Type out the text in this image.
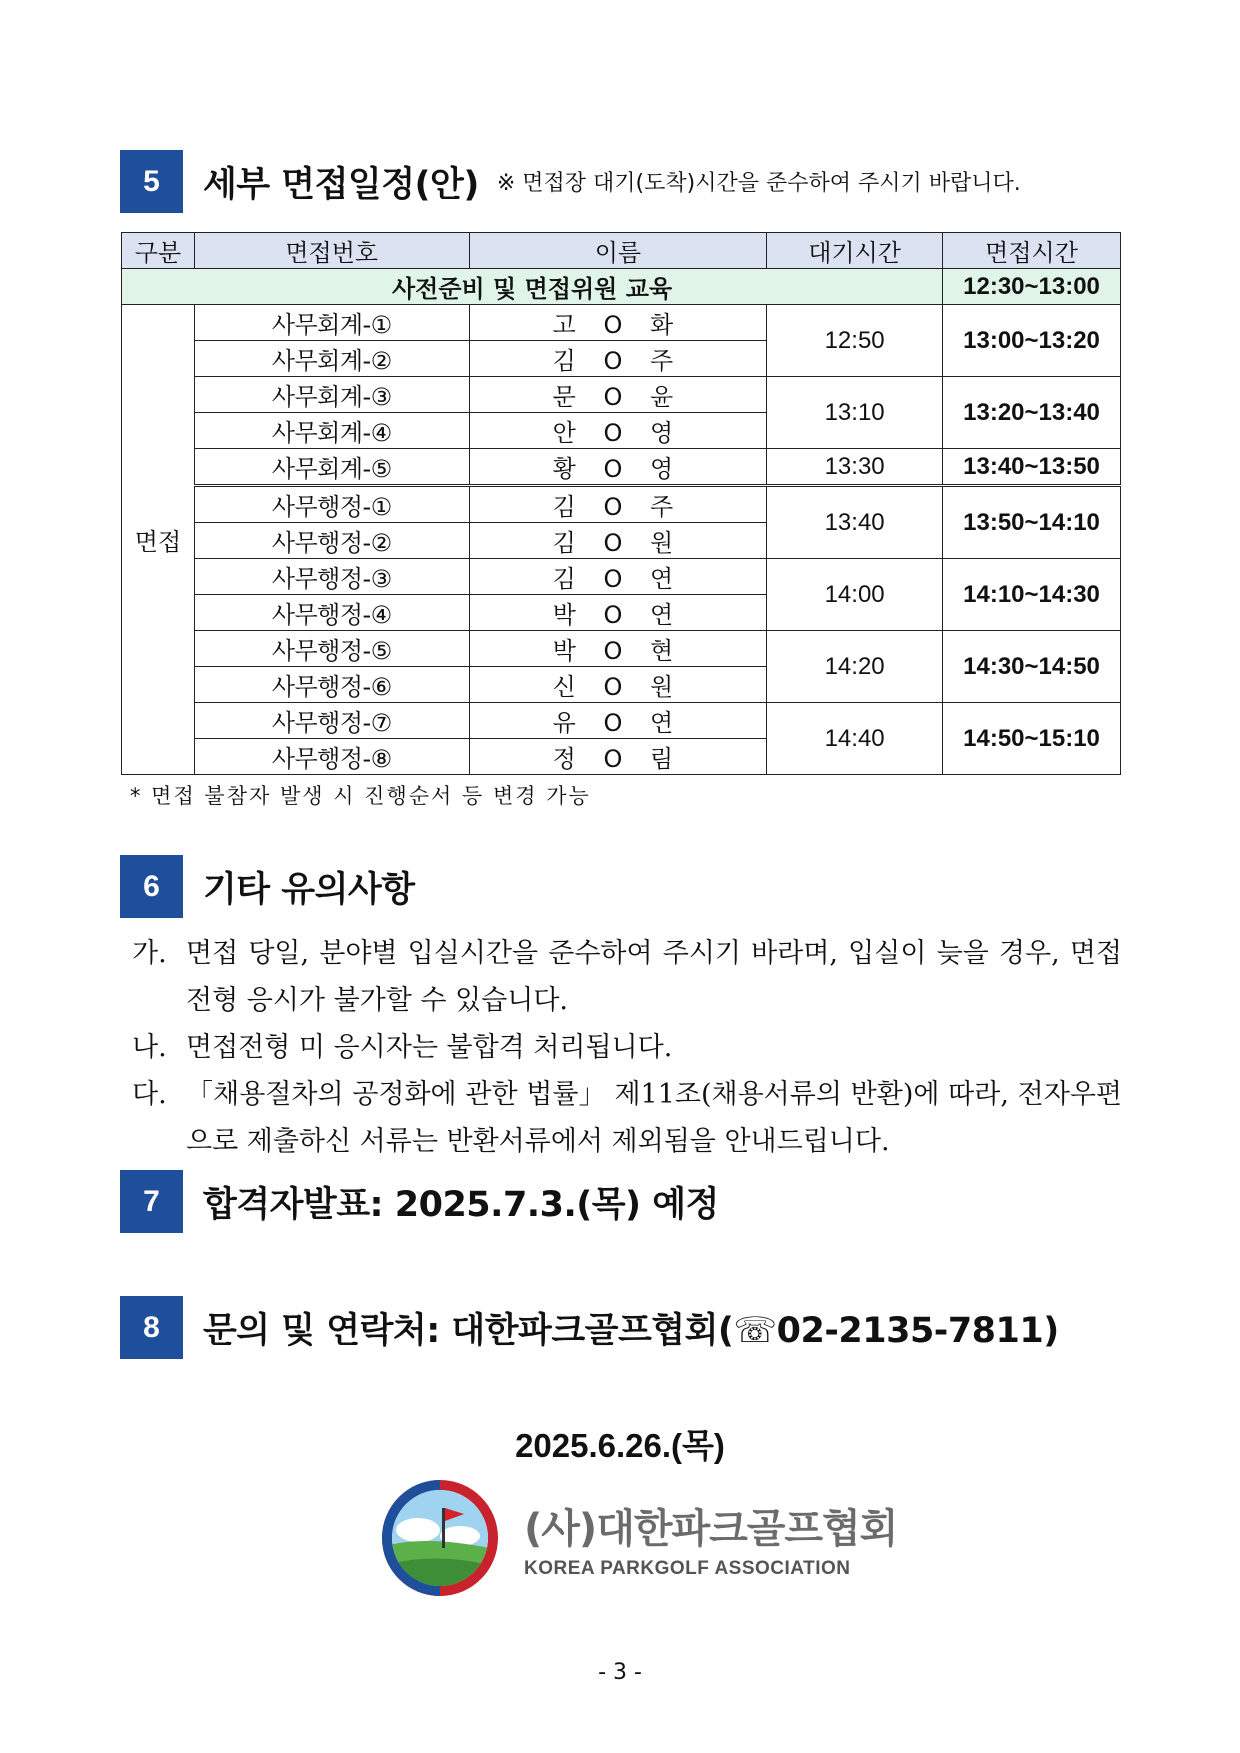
5	세부 면접일정(안) ※ 면접장 대기(도착)시간을 준수하여 주시기 바랍니다.
구분	면접번호	이름	대기시간	면접시간
사전준비 및 면접위원 교육				12:30~13:00
면접	사무회계-①	고 O 화	12:50	13:00~13:20
	사무회계-②	김 O 주		
	사무회계-③	문 O 윤	13:10	13:20~13:40
	사무회계-④	안 O 영		
	사무회계-⑤	황 O 영	13:30	13:40~13:50
	사무행정-①	김 O 주	13:40	13:50~14:10
	사무행정-②	김 O 원		
	사무행정-③	김 O 연	14:00	14:10~14:30
	사무행정-④	박 O 연		
	사무행정-⑤	박 O 현	14:20	14:30~14:50
	사무행정-⑥	신 O 원		
	사무행정-⑦	유 O 연	14:40	14:50~15:10
	사무행정-⑧	정 O 림		
* 면접 불참자 발생 시 진행순서 등 변경 가능
6	기타 유의사항
가. 면접 당일, 분야별 입실시간을 준수하여 주시기 바라며, 입실이 늦을 경우, 면접전형 응시가 불가할 수 있습니다.
나. 면접전형 미 응시자는 불합격 처리됩니다.
다. 「채용절차의 공정화에 관한 법률」 제11조(채용서류의 반환)에 따라, 전자우편으로 제출하신 서류는 반환서류에서 제외됨을 안내드립니다.
7	합격자발표: 2025.7.3.(목) 예정
8	문의 및 연락처: 대한파크골프협회(☏02-2135-7811)
2025.6.26.(목)
(사)대한파크골프협회
KOREA PARKGOLF ASSOCIATION
- 3 -
